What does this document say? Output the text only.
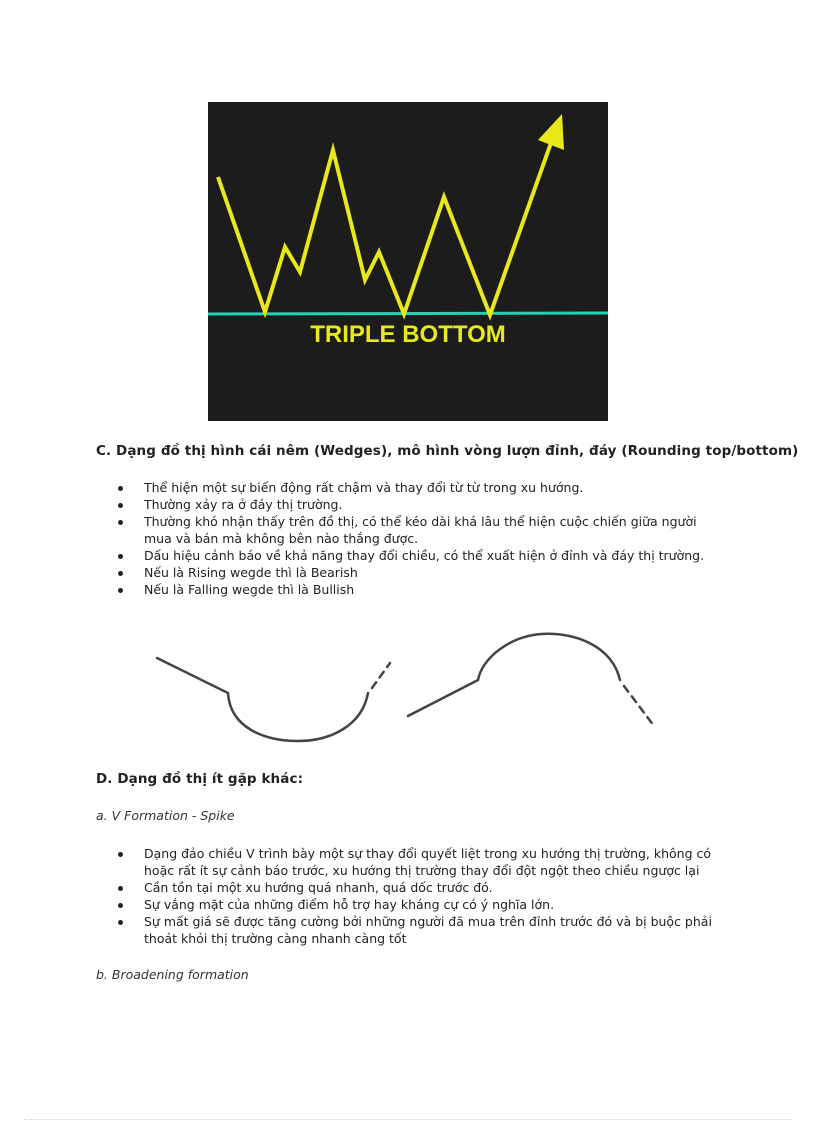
TRIPLE BOTTOM
C. Dạng đồ thị hình cái nêm (Wedges), mô hình vòng lượn đỉnh, đáy (Rounding top/bottom)
Thể hiện một sự biến động rất chậm và thay đổi từ từ trong xu hướng.
Thường xảy ra ở đáy thị trường.
Thường khó nhận thấy trên đồ thị, có thể kéo dài khá lâu thể hiện cuộc chiến giữa người mua và bán mà không bên nào thắng được.
Dấu hiệu cảnh báo về khả năng thay đổi chiều, có thể xuất hiện ở đỉnh và đáy thị trường.
Nếu là Rising wegde thì là Bearish
Nếu là Falling wegde thì là Bullish
D. Dạng đồ thị ít gặp khác:
a. V Formation - Spike
Dạng đảo chiều V trình bày một sự thay đổi quyết liệt trong xu hướng thị trường, không có hoặc rất ít sự cảnh báo trước, xu hướng thị trường thay đổi đột ngột theo chiều ngược lại
Cần tồn tại một xu hướng quá nhanh, quá dốc trước đó.
Sự vắng mặt của những điểm hỗ trợ hay kháng cự có ý nghĩa lớn.
Sự mất giá sẽ được tăng cường bởi những người đã mua trên đỉnh trước đó và bị buộc phải thoát khỏi thị trường càng nhanh càng tốt
b. Broadening formation
